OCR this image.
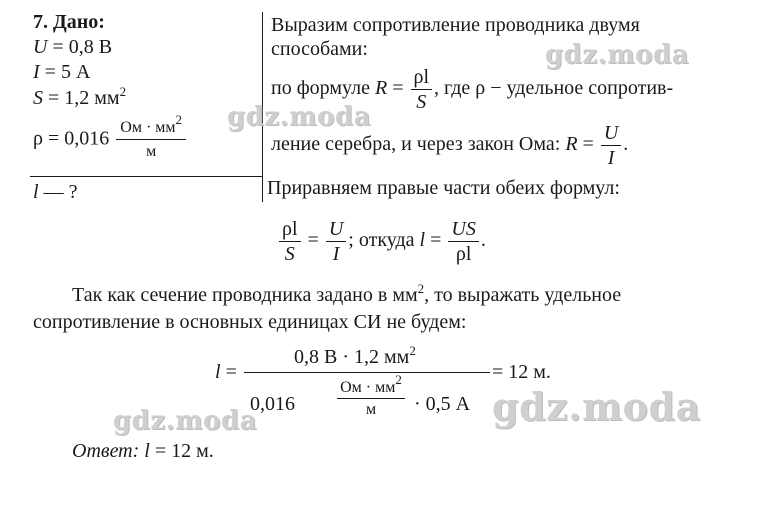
7. Дано:
U = 0,8 В
I = 5 А
S = 1,2 $мм^2$
$\rho = 0,016 \frac{Ом \cdot мм^2}{м}$
l — ?
Выразим сопротивление проводника двумя
способами:
по формуле $R = \frac{\rho l}{S}$ , где ρ − удельное сопротив-
ление серебра, и через закон Ома: $R = \frac{U}{I}$ .
Приравняем правые части обеих формул:
$\frac{\rho l}{S} = \frac{U}{I}$ ; откуда $l = \frac{US}{\rho l}$ .
Так как сечение проводника задано в $мм^2$, то выражать удельное
сопротивление в основных единицах СИ не будем:
l =
0,8 В · 1,2 $мм^2$
= 12 м.
0,016
Ом · $мм^2$
м	· 0,5 А
Ответ: l = 12 м.
gdz.moda
gdz.moda
gdz.moda	gdz.moda
